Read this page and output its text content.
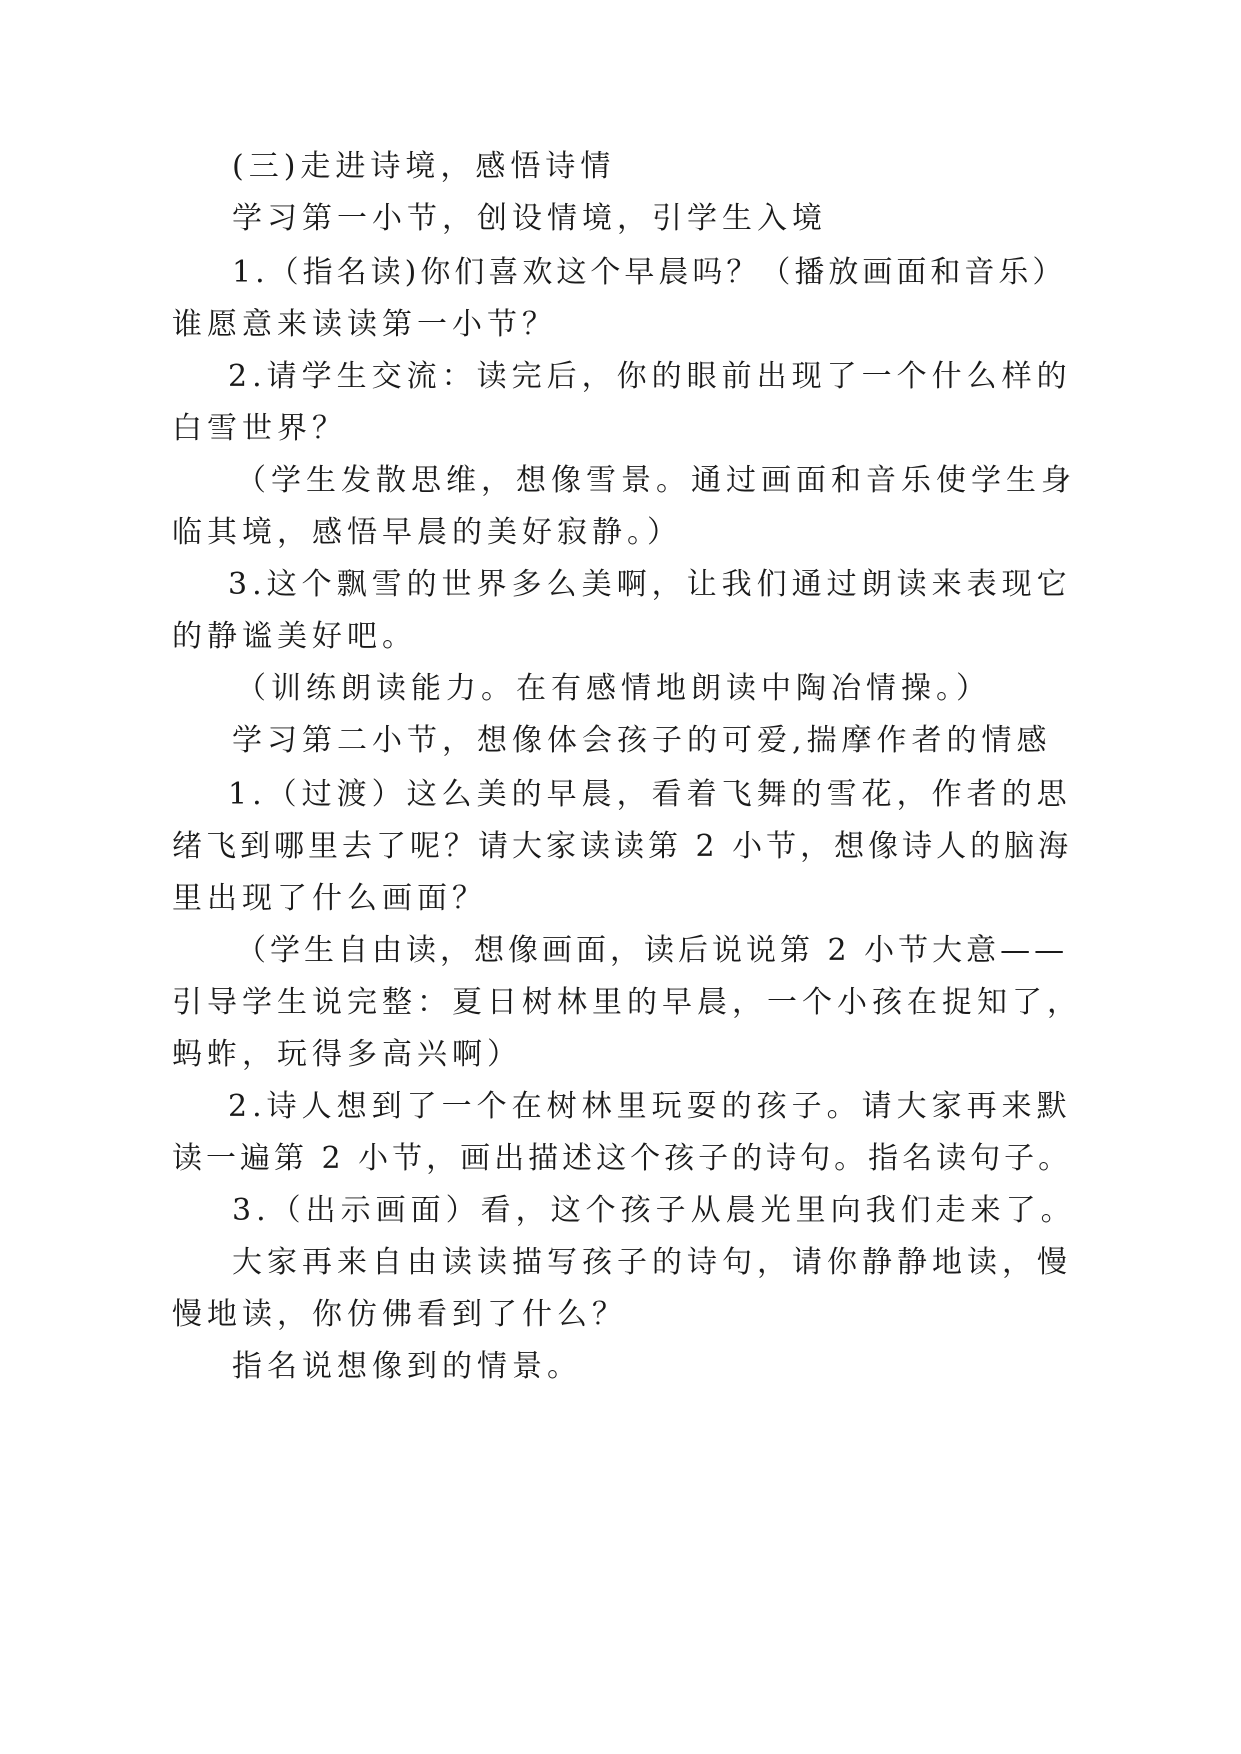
(三)走进诗境，感悟诗情
学习第一小节，创设情境，引学生入境
1.（指名读)你们喜欢这个早晨吗？（播放画面和音乐）
谁愿意来读读第一小节？
2.请学生交流：读完后，你的眼前出现了一个什么样的
白雪世界？
（学生发散思维，想像雪景。通过画面和音乐使学生身
临其境，感悟早晨的美好寂静。）
3.这个飘雪的世界多么美啊，让我们通过朗读来表现它
的静谧美好吧。
（训练朗读能力。在有感情地朗读中陶冶情操。）
学习第二小节，想像体会孩子的可爱,揣摩作者的情感
1.（过渡）这么美的早晨，看着飞舞的雪花，作者的思
绪飞到哪里去了呢？请大家读读第 2 小节，想像诗人的脑海
里出现了什么画面？
（学生自由读，想像画面，读后说说第 2 小节大意——
引导学生说完整：夏日树林里的早晨，一个小孩在捉知了，
蚂蚱，玩得多高兴啊）
2.诗人想到了一个在树林里玩耍的孩子。请大家再来默
读一遍第 2 小节，画出描述这个孩子的诗句。指名读句子。
3.（出示画面）看，这个孩子从晨光里向我们走来了。
大家再来自由读读描写孩子的诗句，请你静静地读，慢
慢地读，你仿佛看到了什么？
指名说想像到的情景。
